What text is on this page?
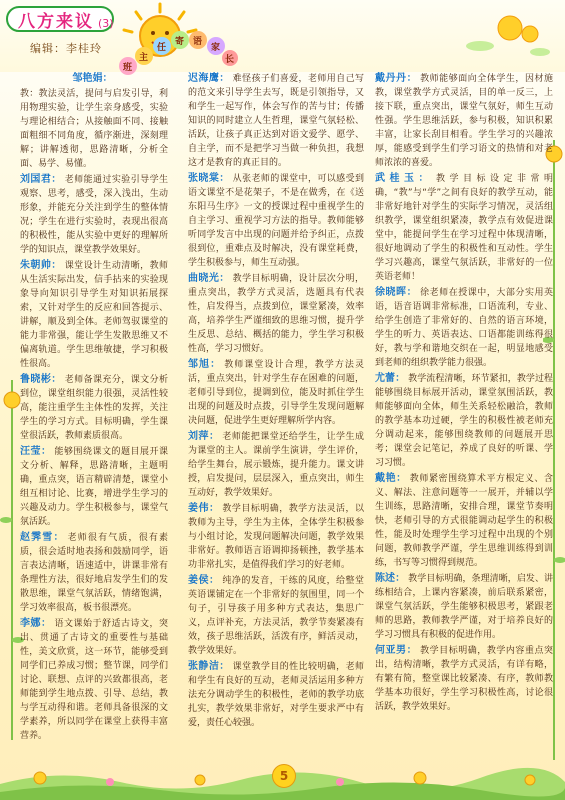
班
主
任
寄 语
家
长
八方来议 (3)
编辑：李桂玲

邹艳娟：
教：教法灵活，提问与启发引导，利用物理实验，让学生亲身感受，实验与理论相结合；从接触面不同、接触面粗细不同角度，循序渐进，深刻理解；讲解透彻，思路清晰，分析全面、易学、易懂。

刘国君： 老师能通过实验引导学生观察、思考，感受，深入浅出，生动形象，并能充分关注到学生的整体情况；学生在进行实验时，表现出很高的积极性，能从实验中更好的理解所学的知识点，课堂教学效果好。

朱朝帅： 课堂设计生动清晰，教师从生活实际出发，信手拈来的实验现象导向知识引导学生对知识拓展探索，又针对学生的反应和回答提示、讲解，顺及到全体。老师驾驭课堂的能力非常强，能让学生发散思维又不偏离轨道。学生思维敏捷，学习积极性很高。

鲁晓彬： 老师备课充分，课文分析到位，课堂组织能力很强，灵活性较高，能注重学生主体性的发挥，关注学生的学习方式。目标明确，学生课堂很活跃，教师素质很高。

汪莹： 能够围绕课文的题目展开课文分析、解释，思路清晰，主题明确，重点突，语言精辟清楚，课堂小组互相讨论、比赛，增进学生学习的兴趣及动力。学生积极参与，课堂气氛活跃。

赵霁雪： 老师很有气质，很有素质，很会适时地表扬和鼓励同学，语言表达清晰，语速适中，讲课非常有条理性方法，很好地启发学生们的发散思维，课堂气氛活跃，情绪饱满，学习效率很高，板书很漂亮。

李娜： 语文课始于舒适古诗文，突出、贯通了古诗文的重要性与基础性，美文欣赏，这一环节，能够受到同学们已养成习惯；整节课，同学们讨论、联想、点评的兴致都很高，老师能到学生地点拨、引导、总结，教与学互动得和谐。老师具备很深的文学素养，所以同学在课堂上获得丰富营养。

迟海鹰： 难怪孩子们喜爱，老师用自己写的范文来引导学生去写，既是引领指导，又和学生一起写作，体会写作的苦与甘；传播知识的同时建立人生哲理，课堂气氛轻松、活跃，让孩子真正达到对语文爱学、愿学、自主学，而不是把学习当做一种负担，我想这才是教育的真正目的。

张晓棠： 从张老师的课堂中，可以感受到语文课堂不是花架子，不是在做秀，在《送东阳马生序》一文的授课过程中重视学生的自主学习、重视学习方法的指导。教师能够听同学发言中出现的问题并给予纠正，点拨很到位，重难点及时解决，没有课堂耗费，学生积极参与，师生互动强。

曲晓光： 教学目标明确，设计层次分明，重点突出，教学方式灵活，选题具有代表性，启发得当，点拨到位，课堂紧凑，效率高，培养学生严谨细致的思维习惯，提升学生反思、总结、概括的能力，学生学习积极性高，学习习惯好。

邹旭： 教师课堂设计合理，教学方法灵活，重点突出，针对学生存在困难的问题，老师引导到位，提调到位，能及时抓住学生出现的问题及时点拨，引导学生发现问题解决问题，促进学生更好理解所学内容。

刘萍： 老师能把课堂还给学生，让学生成为课堂的主人。课前学生演讲，学生评价，给学生舞台，展示锻炼，提升能力。课文讲授，启发提问，层层深入，重点突出，师生互动好，教学效果好。

姜伟： 教学目标明确，教学方法灵活，以教师为主导，学生为主体，全体学生积极参与小组讨论，发现问题解决问题，教学效果非常好。教师语言语调抑扬顿挫，教学基本功非常扎实，是值得我们学习的好老师。

姜侯： 纯净的发音，干练的风度，给整堂英语课铺定在一个非常好的氛围里，同一个句子，引导孩子用多种方式表达，集思广义，点评补充，方法灵活，教学节奏紧凑有效，孩子思维活跃，活泼有序，鲜活灵动，教学效果好。

张静洁： 课堂教学目的性比较明确，老师和学生有良好的互动，老师灵活运用多种方法充分调动学生的积极性，老师的教学功底扎实，教学效果非常好，对学生要求严中有爱，责任心较强。

戴丹丹： 教师能够面向全体学生，因材施教，课堂教学方式灵活，目的单一反三，上接下联，重点突出，课堂气氛好，师生互动性强。学生思维活跃，参与积极，知识积累丰富，让家长刮目相看。学生学习的兴趣浓厚，能感受到学生们学习语文的热情和对老师浓浓的喜爱。

武桂玉： 教学目标设定非常明确，“教”与“学”之间有良好的教学互动，能非常好地针对学生的实际学习情况，灵活组织教学，课堂组织紧凑，教学点有效促进课堂中，能提问学生在学习过程中体现清晰，很好地调动了学生的积极性和互动性。学生学习兴趣高，课堂气氛活跃，非常好的一位英语老师！

徐晓晖： 徐老师在授课中，大部分实用英语，语音语调非常标准，口语流利，专业、给学生创造了非常好的、自然的语言环境，学生的听力、英语表达、口语都能训练得很好，教与学和谐地交织在一起，明显地感受到老师的组织教学能力很强。

尤蕾： 教学流程清晰，环节紧扣，教学过程能够围绕目标展开活动，课堂氛围活跃，教师能够面向全体，师生关系轻松融洽，教师的教学基本功过硬，学生的积极性被老师充分调动起来，能够围绕教师的问题展开思考；课堂会记笔记，养成了良好的听课、学习习惯。

戴艳： 教师紧密围绕算术平方根定义、含义、解法、注意问题等一一展开，并辅以学生训练，思路清晰，安排合理，课堂节奏明快，老师引导的方式很能调动起学生的积极性，能及时处理学生学习过程中出现的个别问题，教师教学严谨，学生思维训练得到训练，书写等习惯得到规范。

陈述： 教学目标明确，条理清晰，启发、讲练相结合，上课内容紧凑，前后联系紧密，课堂气氛活跃，学生能够积极思考，紧跟老师的思路，教师教学严谨，对于培养良好的学习习惯具有积极的促进作用。

何亚男： 教学目标明确，教学内容重点突出，结构清晰，教学方式灵活，有详有略，有繁有简，整堂课比较紧凑、有序，教师教学基本功很好，学生学习积极性高，讨论很活跃，教学效果好。

5
